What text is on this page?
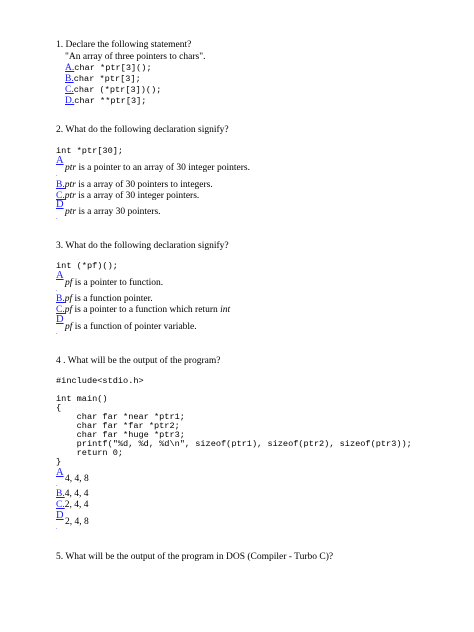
1. Declare the following statement?
"An array of three pointers to chars".
A.char *ptr[3]();
B.char *ptr[3];
C.char (*ptr[3])();
D.char **ptr[3];
2. What do the following declaration signify?
int *ptr[30];
A
ptr is a pointer to an array of 30 integer pointers.
.
B.ptr is a array of 30 pointers to integers.
C.ptr is a array of 30 integer pointers.
D
ptr is a array 30 pointers.
.
3. What do the following declaration signify?
int (*pf)();
A
pf is a pointer to function.
.
B.pf is a function pointer.
C.pf is a pointer to a function which return int
D
pf is a function of pointer variable.
.
4 . What will be the output of the program?
#include<stdio.h>
int main()
{
char far *near *ptr1;
char far *far *ptr2;
char far *huge *ptr3;
printf("%d, %d, %d\n", sizeof(ptr1), sizeof(ptr2), sizeof(ptr3));
return 0;
}
A
4, 4, 8
.
B.4, 4, 4
C.2, 4, 4
D
2, 4, 8
.
5. What will be the output of the program in DOS (Compiler - Turbo C)?
